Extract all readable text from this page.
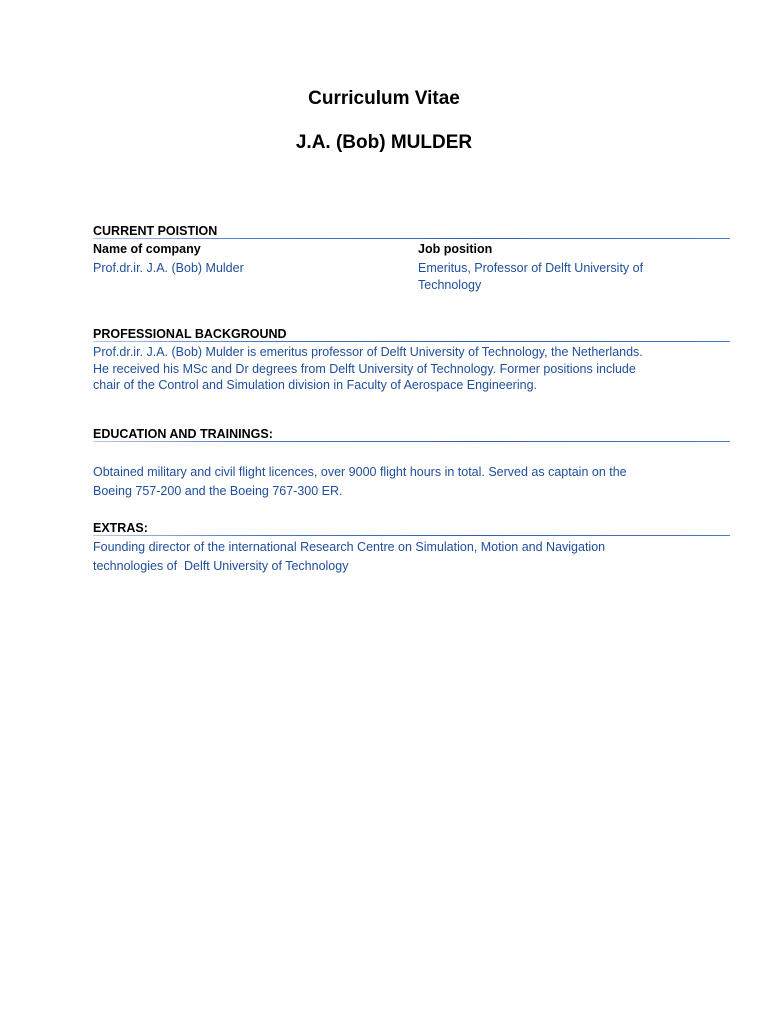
Curriculum Vitae
J.A. (Bob) MULDER

CURRENT POISTION

Name of company

Prof.dr.ir. J.A. (Bob) Mulder

Job position

Emeritus, Professor of Delft University of

Technology

PROFESSIONAL BACKGROUND

Prof.dr.ir. J.A. (Bob) Mulder is emeritus professor of Delft University of Technology, the Netherlands.

He received his MSc and Dr degrees from Delft University of Technology. Former positions include

chair of the Control and Simulation division in Faculty of Aerospace Engineering.

EDUCATION AND TRAININGS:

Obtained military and civil flight licences, over 9000 flight hours in total. Served as captain on the

Boeing 757-200 and the Boeing 767-300 ER.

EXTRAS:

Founding director of the international Research Centre on Simulation, Motion and Navigation

technologies of  Delft University of Technology
